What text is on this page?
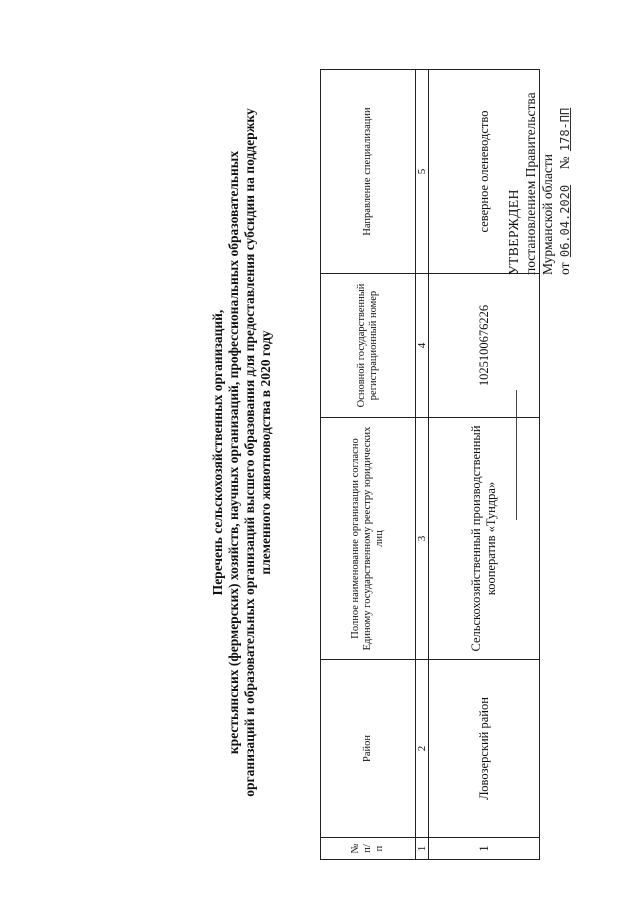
УТВЕРЖДЕН постановлением Правительства Мурманской области от 06.04.2020    № 178-ПП
Перечень сельскохозяйственных организаций, крестьянских (фермерских) хозяйств, научных организаций, профессиональных образовательных организаций и образовательных организаций высшего образования для предоставления субсидии на поддержку племенного животноводства в 2020 году
№ п/п	Район	Полное наименование организации согласно Единому государственному реестру юридических лиц	Основной государственный регистрационный номер	Направление специализации
1	2	3	4	5
1	Ловозерский район	Сельскохозяйственный производственный кооператив «Тундра»	1025100676226	северное оленеводство
